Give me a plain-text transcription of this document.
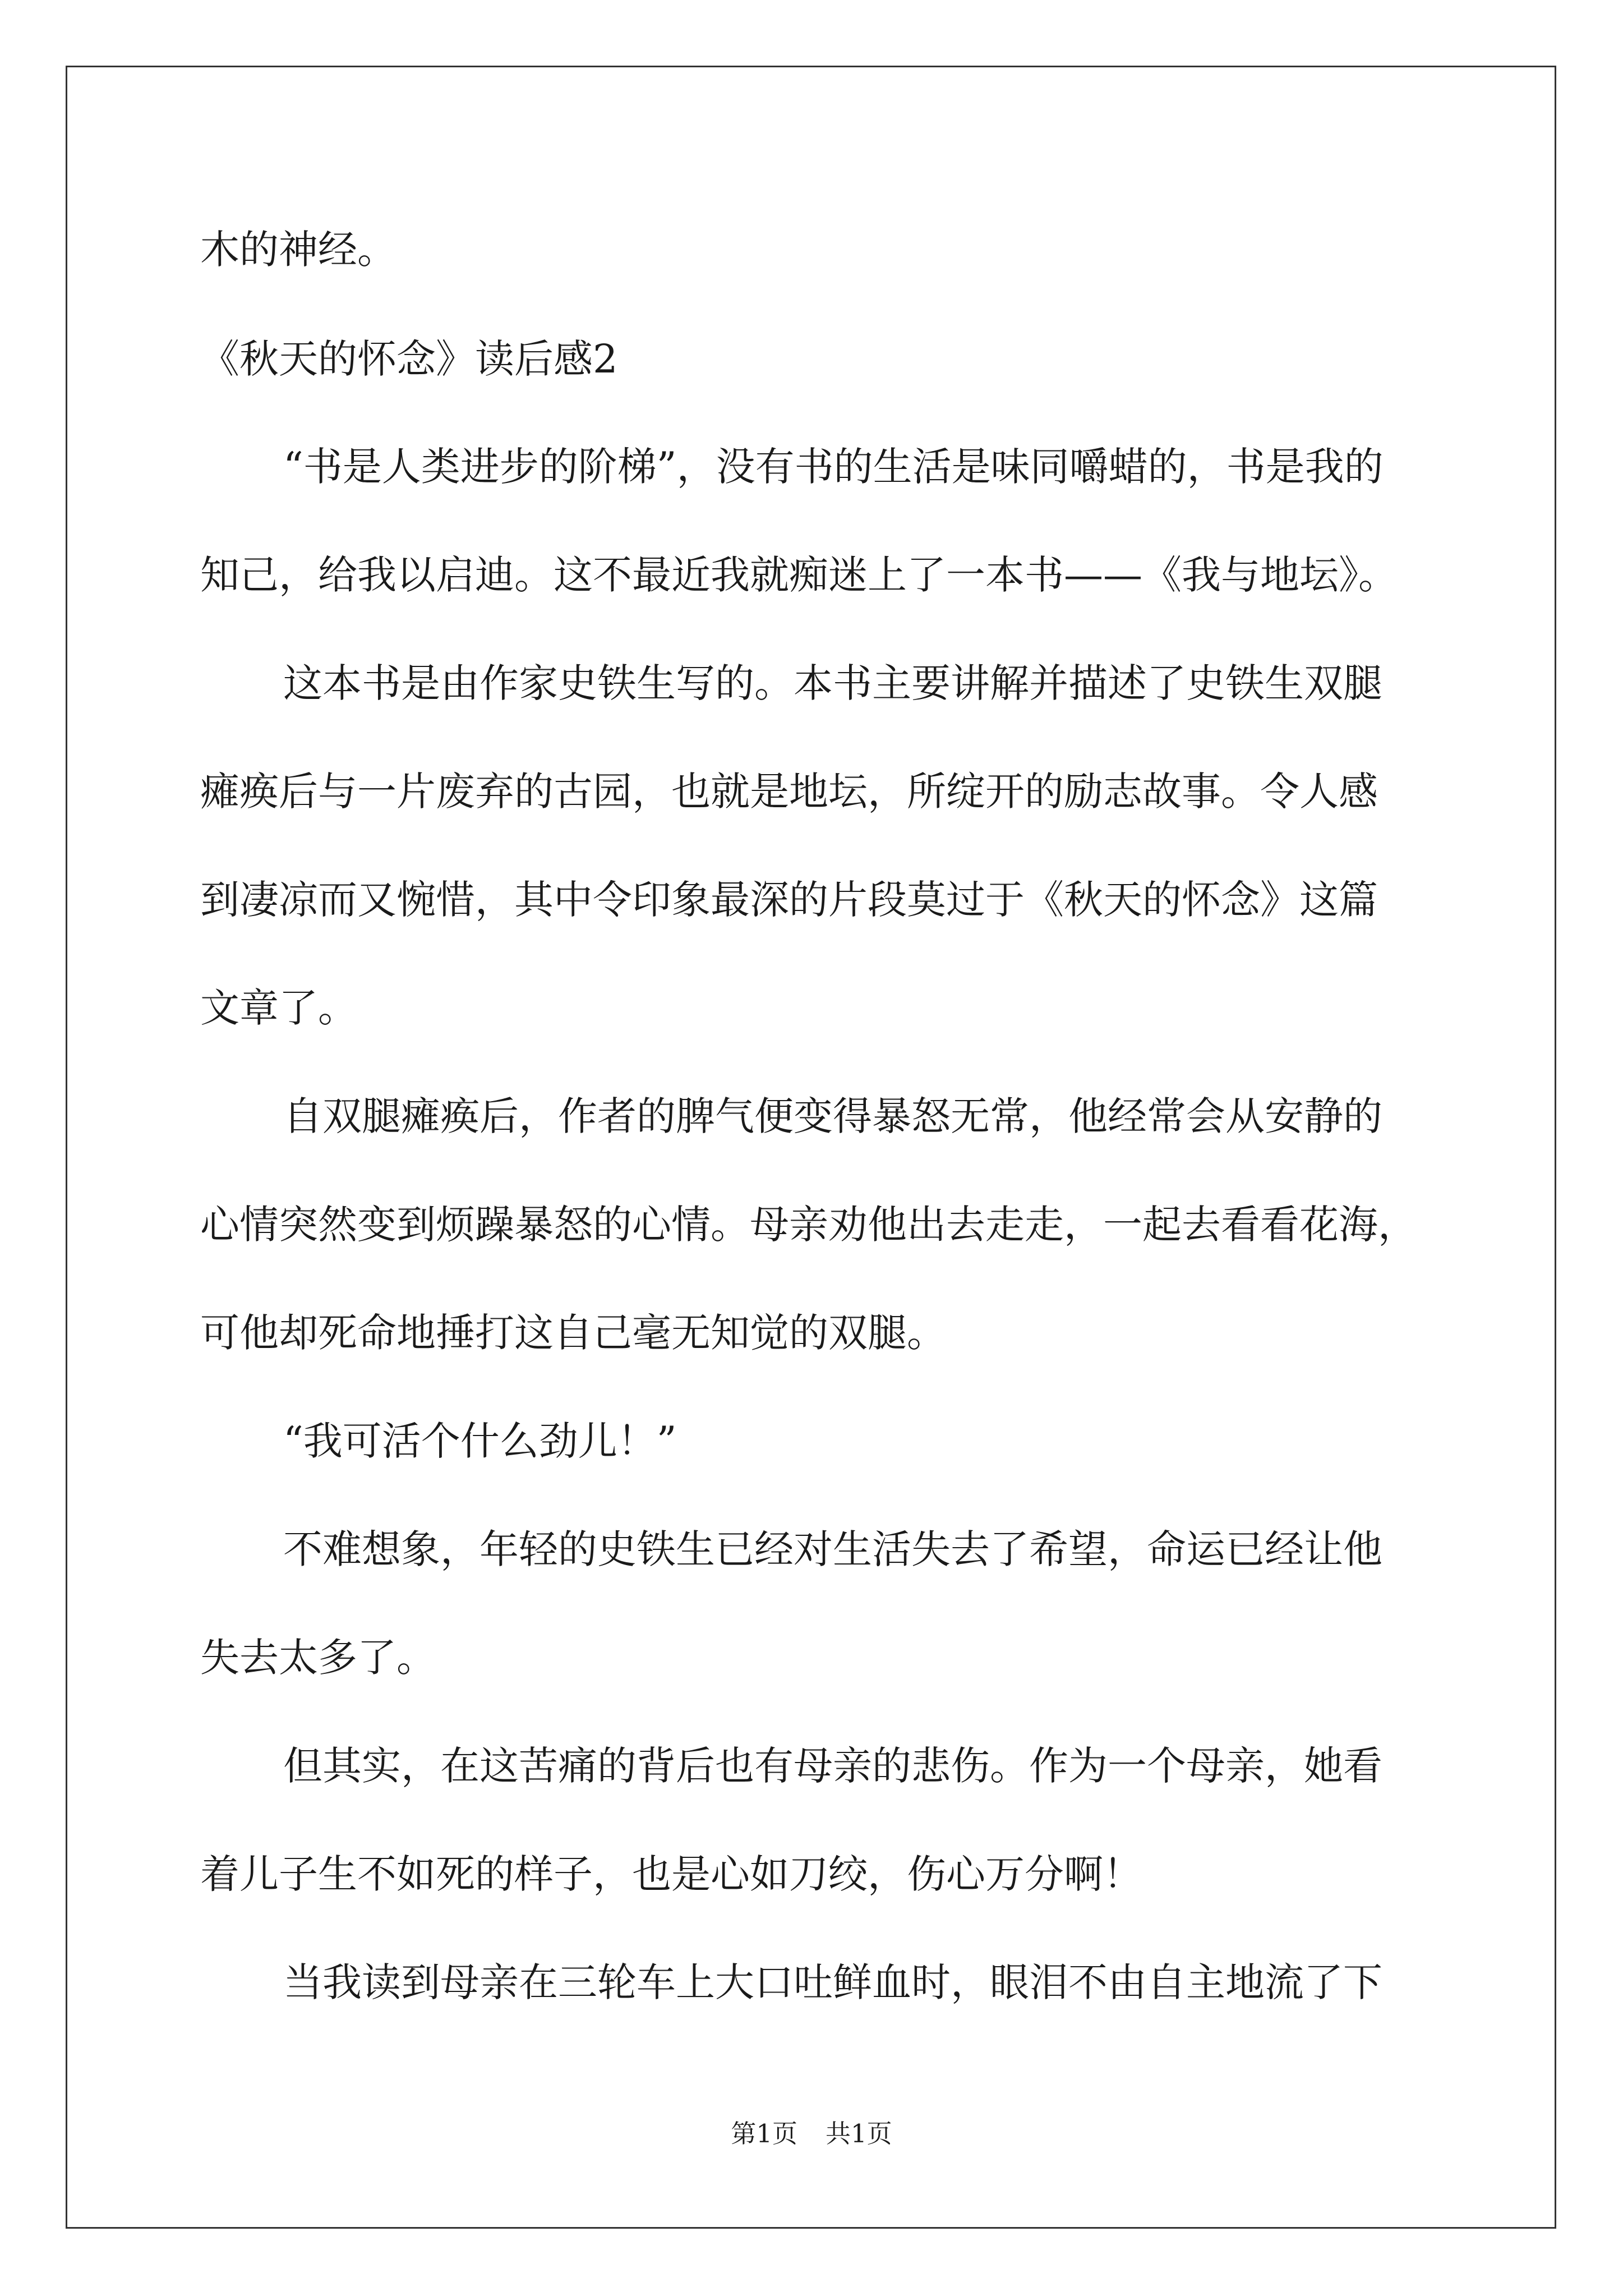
木的神经。
《秋天的怀念》读后感2
“书是人类进步的阶梯”，没有书的生活是味同嚼蜡的，书是我的
知己，给我以启迪。这不最近我就痴迷上了一本书——《我与地坛》。
这本书是由作家史铁生写的。本书主要讲解并描述了史铁生双腿
瘫痪后与一片废弃的古园，也就是地坛，所绽开的励志故事。令人感
到凄凉而又惋惜，其中令印象最深的片段莫过于《秋天的怀念》这篇
文章了。
自双腿瘫痪后，作者的脾气便变得暴怒无常，他经常会从安静的
心情突然变到烦躁暴怒的心情。母亲劝他出去走走，一起去看看花海，
可他却死命地捶打这自己毫无知觉的双腿。
“我可活个什么劲儿！”
不难想象，年轻的史铁生已经对生活失去了希望，命运已经让他
失去太多了。
但其实，在这苦痛的背后也有母亲的悲伤。作为一个母亲，她看
着儿子生不如死的样子，也是心如刀绞，伤心万分啊！
当我读到母亲在三轮车上大口吐鲜血时，眼泪不由自主地流了下
第1页 共1页
